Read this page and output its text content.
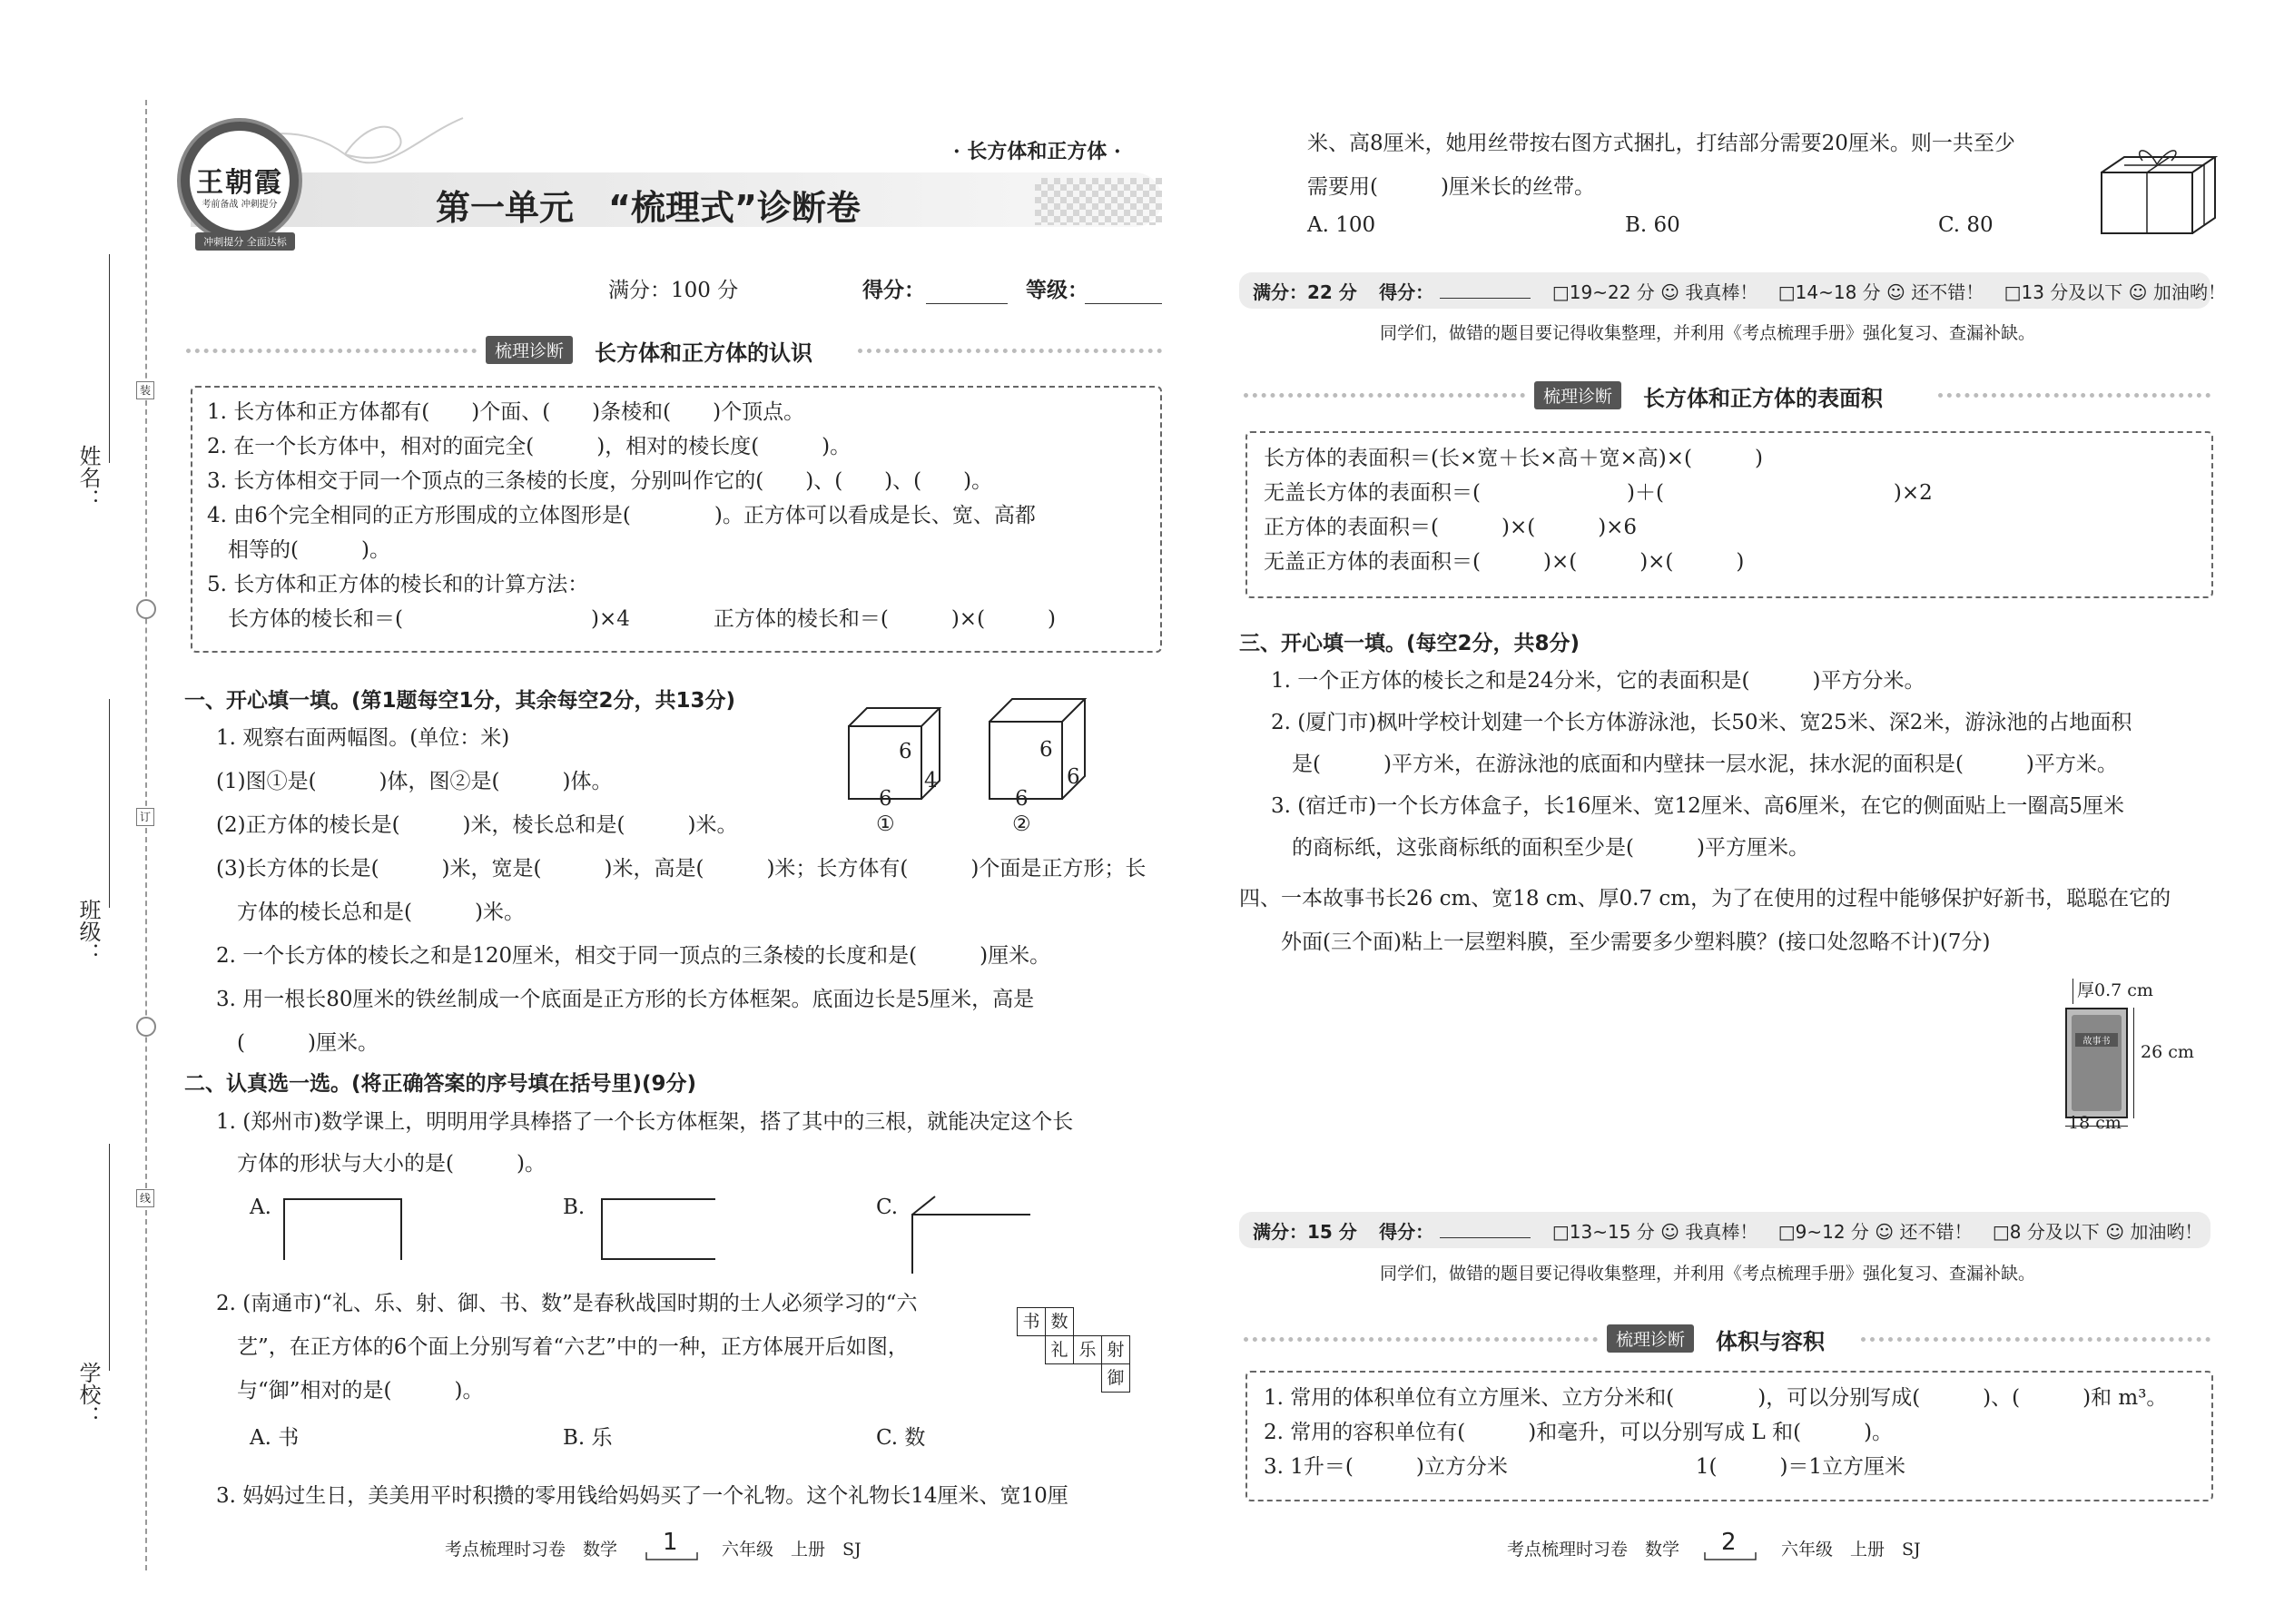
姓名：
班级：
学校：
装
订
线
王朝霞
考前备战 冲刺提分
冲刺提分 全面达标
· 长方体和正方体 ·
第一单元　“梳理式”诊断卷
满分：100 分	得分：	等级：
梳理诊断	长方体和正方体的认识
1. 长方体和正方体都有(　　)个面、(　　)条棱和(　　)个顶点。
2. 在一个长方体中，相对的面完全(　　　)，相对的棱长度(　　　)。
3. 长方体相交于同一个顶点的三条棱的长度，分别叫作它的(　　)、(　　)、(　　)。
4. 由6个完全相同的正方形围成的立体图形是(　　　　)。正方体可以看成是长、宽、高都
　相等的(　　　)。
5. 长方体和正方体的棱长和的计算方法：
　长方体的棱长和＝(　　　　　　　　　)×4　　　　正方体的棱长和＝(　　　)×(　　　)
一、开心填一填。(第1题每空1分，其余每空2分，共13分)
1. 观察右面两幅图。(单位：米)
(1)图①是(　　　)体，图②是(　　　)体。
(2)正方体的棱长是(　　　)米，棱长总和是(　　　)米。
(3)长方体的长是(　　　)米，宽是(　　　)米，高是(　　　)米；长方体有(　　　)个面是正方形；长
　方体的棱长总和是(　　　)米。
2. 一个长方体的棱长之和是120厘米，相交于同一顶点的三条棱的长度和是(　　　)厘米。
3. 用一根长80厘米的铁丝制成一个底面是正方形的长方体框架。底面边长是5厘米，高是
　(　　　)厘米。
6
4
6
①
6
6
6
②
二、认真选一选。(将正确答案的序号填在括号里)(9分)
1. (郑州市)数学课上，明明用学具棒搭了一个长方体框架，搭了其中的三根，就能决定这个长
　方体的形状与大小的是(　　　)。
A.	B.	C.
2. (南通市)“礼、乐、射、御、书、数”是春秋战国时期的士人必须学习的“六
　艺”，在正方体的6个面上分别写着“六艺”中的一种，正方体展开后如图，
　与“御”相对的是(　　　)。
A. 书	B. 乐	C. 数
书 数
礼 乐 射
御
3. 妈妈过生日，美美用平时积攒的零用钱给妈妈买了一个礼物。这个礼物长14厘米、宽10厘
考点梳理时习卷　数学 1	六年级　上册　SJ
米、高8厘米，她用丝带按右图方式捆扎，打结部分需要20厘米。则一共至少
需要用(　　　)厘米长的丝带。
A. 100	B. 60	C. 80
满分：22 分 得分：	□19~22 分 ☺ 我真棒！ □14~18 分 ☺ 还不错！ □13 分及以下 ☺ 加油哟！
同学们，做错的题目要记得收集整理，并利用《考点梳理手册》强化复习、查漏补缺。
梳理诊断	长方体和正方体的表面积
长方体的表面积＝(长×宽＋长×高＋宽×高)×(　　　)
无盖长方体的表面积＝(　　　　　　　)＋(　　　　　　　　　　　)×2
正方体的表面积＝(　　　)×(　　　)×6
无盖正方体的表面积＝(　　　)×(　　　)×(　　　)
三、开心填一填。(每空2分，共8分)
1. 一个正方体的棱长之和是24分米，它的表面积是(　　　)平方分米。
2. (厦门市)枫叶学校计划建一个长方体游泳池，长50米、宽25米、深2米，游泳池的占地面积
　是(　　　)平方米，在游泳池的底面和内壁抹一层水泥，抹水泥的面积是(　　　)平方米。
3. (宿迁市)一个长方体盒子，长16厘米、宽12厘米、高6厘米，在它的侧面贴上一圈高5厘米
　的商标纸，这张商标纸的面积至少是(　　　)平方厘米。
四、一本故事书长26 cm、宽18 cm、厚0.7 cm，为了在使用的过程中能够保护好新书，聪聪在它的
　　外面(三个面)粘上一层塑料膜，至少需要多少塑料膜？(接口处忽略不计)(7分)
故事书
厚0.7 cm
26 cm
18 cm
满分：15 分 得分：	□13~15 分 ☺ 我真棒！ □9~12 分 ☺ 还不错！ □8 分及以下 ☺ 加油哟！
同学们，做错的题目要记得收集整理，并利用《考点梳理手册》强化复习、查漏补缺。
梳理诊断	体积与容积
1. 常用的体积单位有立方厘米、立方分米和(　　　　)，可以分别写成(　　　)、(　　　)和 m³。
2. 常用的容积单位有(　　　)和毫升，可以分别写成 L 和(　　　)。
3. 1升＝(　　　)立方分米　　　　　　　　　1(　　　)＝1立方厘米
考点梳理时习卷　数学 2	六年级　上册　SJ
